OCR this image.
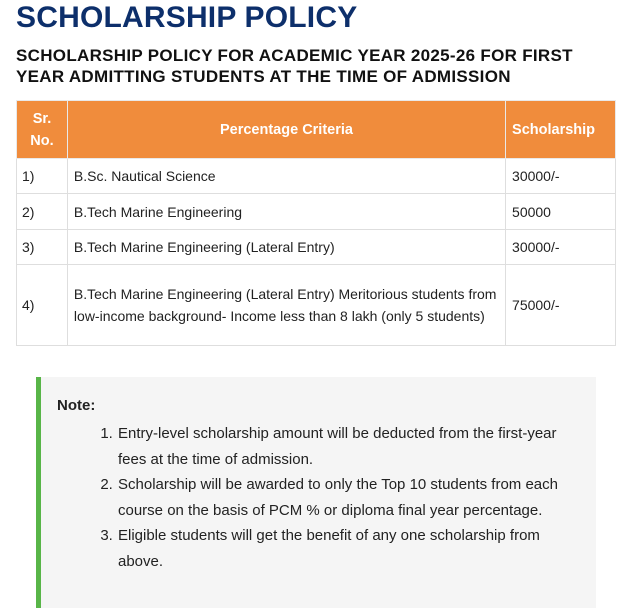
SCHOLARSHIP POLICY
SCHOLARSHIP POLICY FOR ACADEMIC YEAR 2025-26 FOR FIRST YEAR ADMITTING STUDENTS AT THE TIME OF ADMISSION
Sr.
No.	Percentage Criteria	Scholarship
1)	B.Sc. Nautical Science	30000/-
2)	B.Tech Marine Engineering	50000
3)	B.Tech Marine Engineering (Lateral Entry)	30000/-
4)	B.Tech Marine Engineering (Lateral Entry) Meritorious students from low-income background- Income less than 8 lakh (only 5 students)	75000/-
Note:
1. Entry-level scholarship amount will be deducted from the first-year fees at the time of admission.
2. Scholarship will be awarded to only the Top 10 students from each course on the basis of PCM % or diploma final year percentage.
3. Eligible students will get the benefit of any one scholarship from above.
